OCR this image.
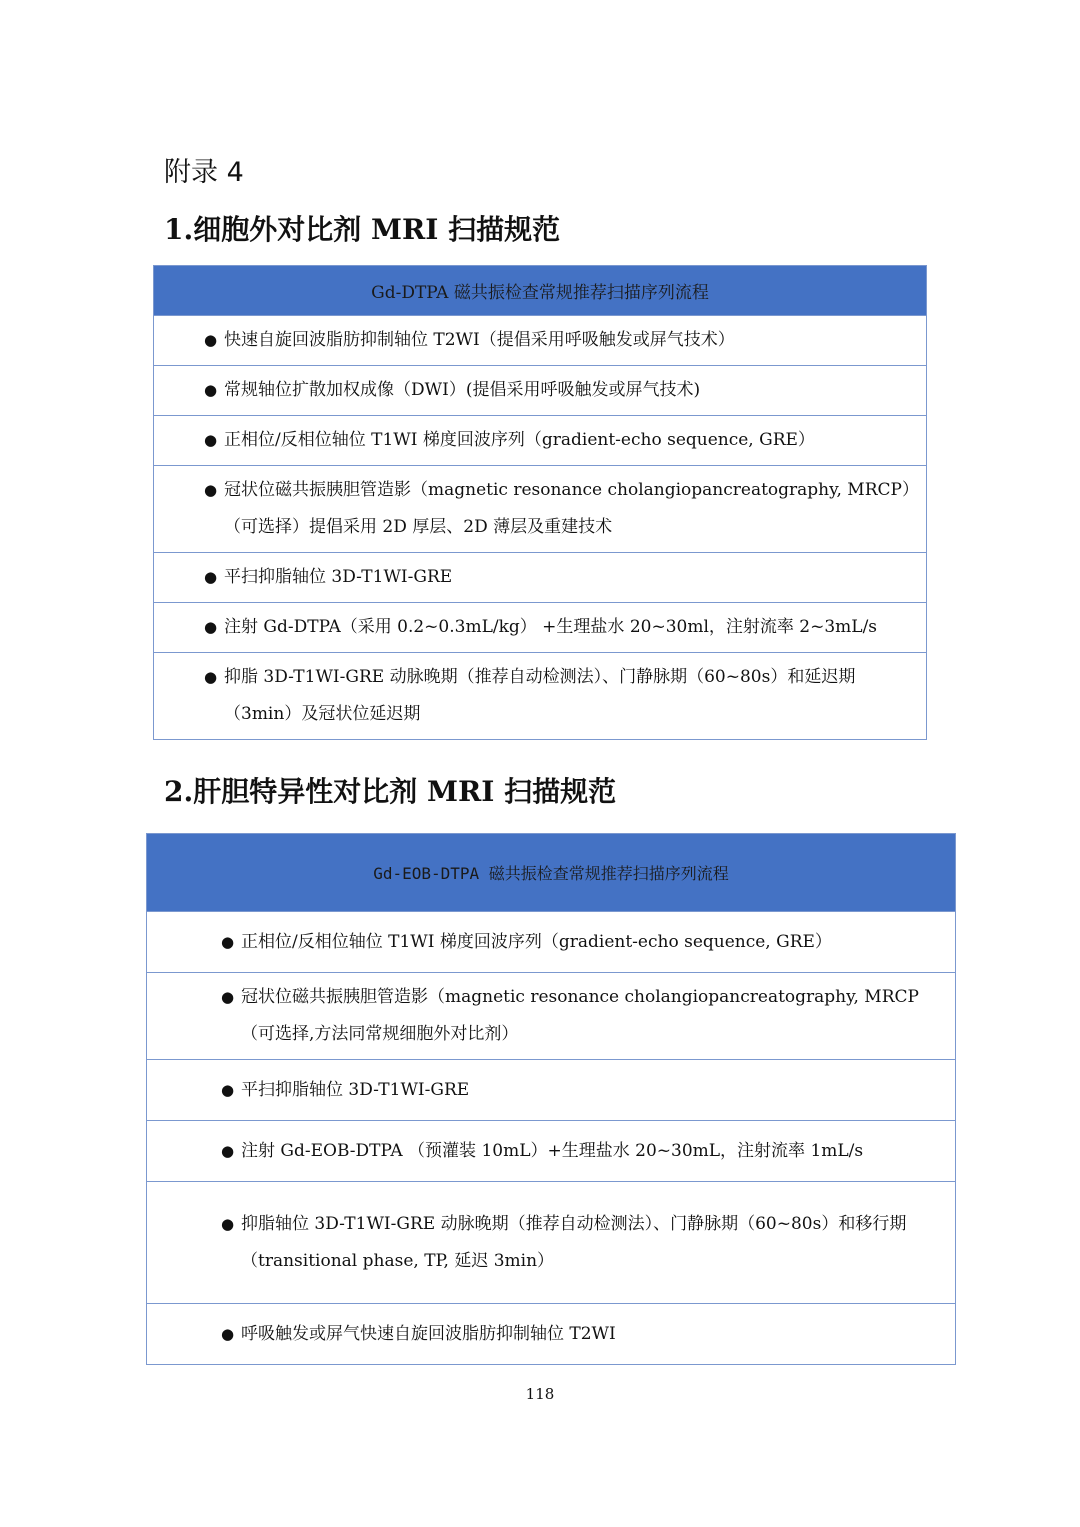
附录 4
1.细胞外对比剂 MRI 扫描规范
Gd-DTPA 磁共振检查常规推荐扫描序列流程
● 快速自旋回波脂肪抑制轴位 T2WI（提倡采用呼吸触发或屏气技术）
● 常规轴位扩散加权成像（DWI）(提倡采用呼吸触发或屏气技术)
● 正相位/反相位轴位 T1WI 梯度回波序列（gradient-echo sequence, GRE）
● 冠状位磁共振胰胆管造影（magnetic resonance cholangiopancreatography, MRCP）（可选择）提倡采用 2D 厚层、2D 薄层及重建技术
● 平扫抑脂轴位 3D-T1WI-GRE
● 注射 Gd-DTPA（采用 0.2~0.3mL/kg） +生理盐水 20~30ml，注射流率 2~3mL/s
● 抑脂 3D-T1WI-GRE 动脉晚期（推荐自动检测法）、门静脉期（60~80s）和延迟期（3min）及冠状位延迟期
2.肝胆特异性对比剂 MRI 扫描规范
Gd-EOB-DTPA 磁共振检查常规推荐扫描序列流程
● 正相位/反相位轴位 T1WI 梯度回波序列（gradient-echo sequence, GRE）
● 冠状位磁共振胰胆管造影（magnetic resonance cholangiopancreatography, MRCP（可选择,方法同常规细胞外对比剂）
● 平扫抑脂轴位 3D-T1WI-GRE
● 注射 Gd-EOB-DTPA （预灌装 10mL）+生理盐水 20~30mL，注射流率 1mL/s
● 抑脂轴位 3D-T1WI-GRE 动脉晚期（推荐自动检测法）、门静脉期（60~80s）和移行期（transitional phase, TP, 延迟 3min）
● 呼吸触发或屏气快速自旋回波脂肪抑制轴位 T2WI
118
